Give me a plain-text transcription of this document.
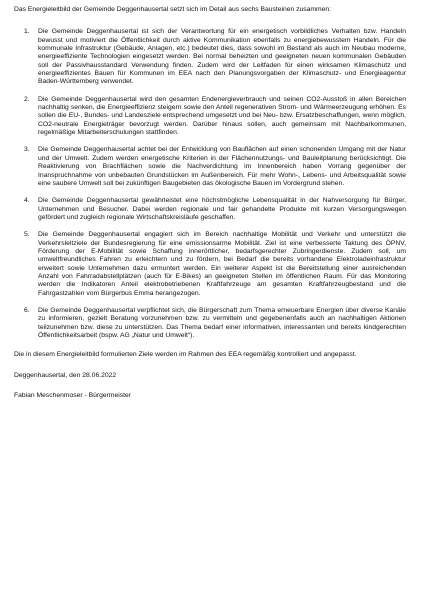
Das Energieleitbild der Gemeinde Deggenhausertal setzt sich im Detail aus sechs Bausteinen zusammen:

1.	Die Gemeinde Deggenhausertal ist sich der Verantwortung für ein energetisch vorbildliches Verhalten bzw. Handeln bewusst und motiviert die Öffentlichkeit durch aktive Kommunikation ebenfalls zu energiebewusstem Handeln. Für die kommunale Infrastruktur (Gebäude, Anlagen, etc.) bedeutet dies, dass sowohl im Bestand als auch im Neubau moderne, energieeffiziente Technologien eingesetzt werden. Bei normal beheizten und geeigneten neuen kommunalen Gebäuden soll der Passivhausstandard Verwendung finden. Zudem wird der Leitfaden für einen wirksamen Klimaschutz und energieeffizientes Bauen für Kommunen im EEA nach den Planungsvorgaben der Klimaschutz- und Energieagentur Baden-Württemberg verwendet.
2.	Die Gemeinde Deggenhausertal wird den gesamten Endenergieverbrauch und seinen CO2-Ausstoß in allen Bereichen nachhaltig senken, die Energieeffizienz steigern sowie den Anteil regenerativen Strom- und Wärmeerzeugung erhöhen. Es sollen die EU-, Bundes- und Landesziele entsprechend umgesetzt und bei Neu- bzw. Ersatzbeschaffungen, wenn möglich, CO2-neutrale Energieträger bevorzugt werden. Darüber hinaus sollen, auch gemeinsam mit Nachbarkommunen, regelmäßige Mitarbeiterschulungen stattfinden.
3.	Die Gemeinde Deggenhausertal achtet bei der Entwicklung von Bauflächen auf einen schonenden Umgang mit der Natur und der Umwelt. Zudem werden energetische Kriterien in der Flächennutzungs- und Bauleitplanung berücksichtigt. Die Reaktivierung von Brachflächen sowie die Nachverdichtung im Innenbereich haben Vorrang gegenüber der Inanspruchnahme von unbebauten Grundstücken im Außenbereich. Für mehr Wohn-, Lebens- und Arbeitsqualität sowie eine saubere Umwelt soll bei zukünftigen Baugebieten das ökologische Bauen im Vordergrund stehen.
4.	Die Gemeinde Deggenhausertal gewährleistet eine höchstmögliche Lebensqualität in der Nahversorgung für Bürger, Unternehmen und Besucher. Dabei werden regionale und fair gehandelte Produkte mit kurzen Versorgungswegen gefördert und zugleich regionale Wirtschaftskreisläufe geschaffen.
5.	Die Gemeinde Deggenhausertal engagiert sich im Bereich nachhaltige Mobilität und Verkehr und unterstützt die Verkehrsleitziele der Bundesregierung für eine emissionsarme Mobilität. Ziel ist eine verbesserte Taktung des ÖPNV, Förderung der E-Mobilität sowie Schaffung innerörtlicher, bedarfsgerechter Zubringerdienste. Zudem soll, um umweltfreundliches Fahren zu erleichtern und zu fördern, bei Bedarf die bereits vorhandene Elektroladeinfrastruktur erweitert sowie Unternehmen dazu ermuntert werden. Ein weiterer Aspekt ist die Bereitstellung einer ausreichenden Anzahl von Fahrradabstellplätzen (auch für E-Bikes) an geeigneten Stellen im öffentlichen Raum. Für das Monitoring werden die Indikatoren Anteil elektrobetriebenen Kraftfahrzeuge am gesamten Kraftfahrzeugbestand und die Fahrgastzahlen vom Bürgerbus Emma herangezogen.
6.	Die Gemeinde Deggenhausertal verpflichtet sich, die Bürgerschaft zum Thema erneuerbare Energien über diverse Kanäle zu informieren, gezielt Beratung vorzunehmen bzw. zu vermitteln und gegebenenfalls auch an nachhaltigen Aktionen teilzunehmen bzw. diese zu unterstützen. Das Thema bedarf einer informativen, interessanten und bereits kindgerechten Öffentlichkeitsarbeit (bspw. AG „Natur und Umwelt“).

Die in diesem Energieleitbild formulierten Ziele werden im Rahmen des EEA regemäßig kontrolliert und angepasst.

Deggenhausertal, den 28.06.2022

Fabian Meschenmoser - Bürgermeister
